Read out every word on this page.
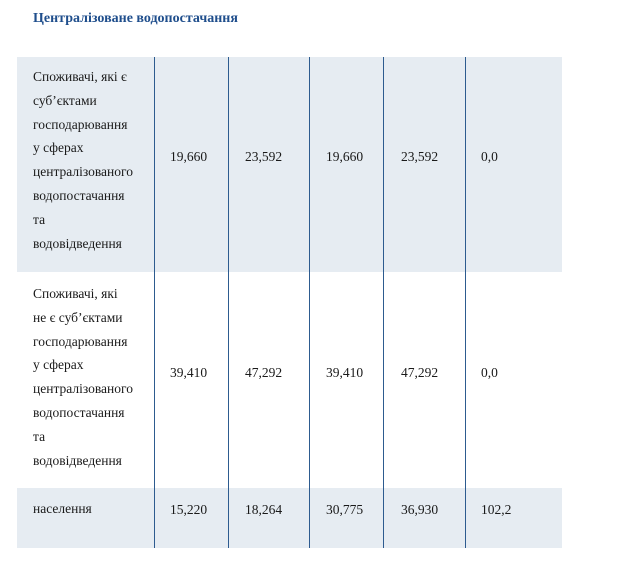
Централізоване водопостачання
Споживачі, які є
суб’єктами
господарювання
у сферах
централізованого
водопостачання
та
водовідведення
19,660	23,592	19,660	23,592	0,0
Споживачі, які
не є суб’єктами
господарювання
у сферах
централізованого
водопостачання
та
водовідведення
39,410	47,292	39,410	47,292	0,0
населення	15,220	18,264	30,775	36,930	102,2
